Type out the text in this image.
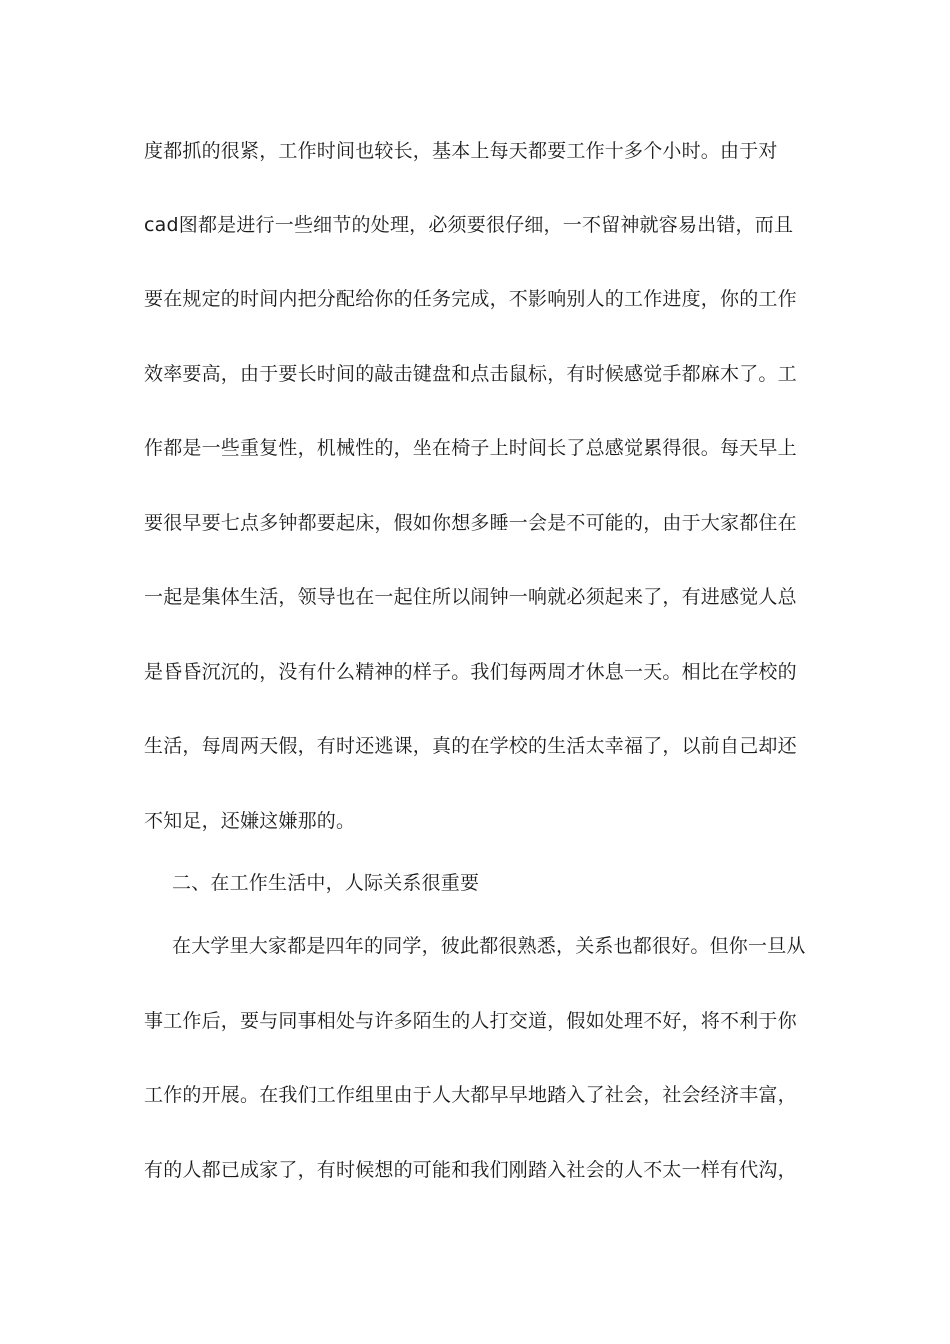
度都抓的很紧，工作时间也较长，基本上每天都要工作十多个小时。由于对
cad图都是进行一些细节的处理，必须要很仔细，一不留神就容易出错，而且
要在规定的时间内把分配给你的任务完成，不影响别人的工作进度，你的工作
效率要高，由于要长时间的敲击键盘和点击鼠标，有时候感觉手都麻木了。工
作都是一些重复性，机械性的，坐在椅子上时间长了总感觉累得很。每天早上
要很早要七点多钟都要起床，假如你想多睡一会是不可能的，由于大家都住在
一起是集体生活，领导也在一起住所以闹钟一响就必须起来了，有进感觉人总
是昏昏沉沉的，没有什么精神的样子。我们每两周才休息一天。相比在学校的
生活，每周两天假，有时还逃课，真的在学校的生活太幸福了，以前自己却还
不知足，还嫌这嫌那的。
二、在工作生活中，人际关系很重要
在大学里大家都是四年的同学，彼此都很熟悉，关系也都很好。但你一旦从
事工作后，要与同事相处与许多陌生的人打交道，假如处理不好，将不利于你
工作的开展。在我们工作组里由于人大都早早地踏入了社会，社会经济丰富，
有的人都已成家了，有时候想的可能和我们刚踏入社会的人不太一样有代沟，
